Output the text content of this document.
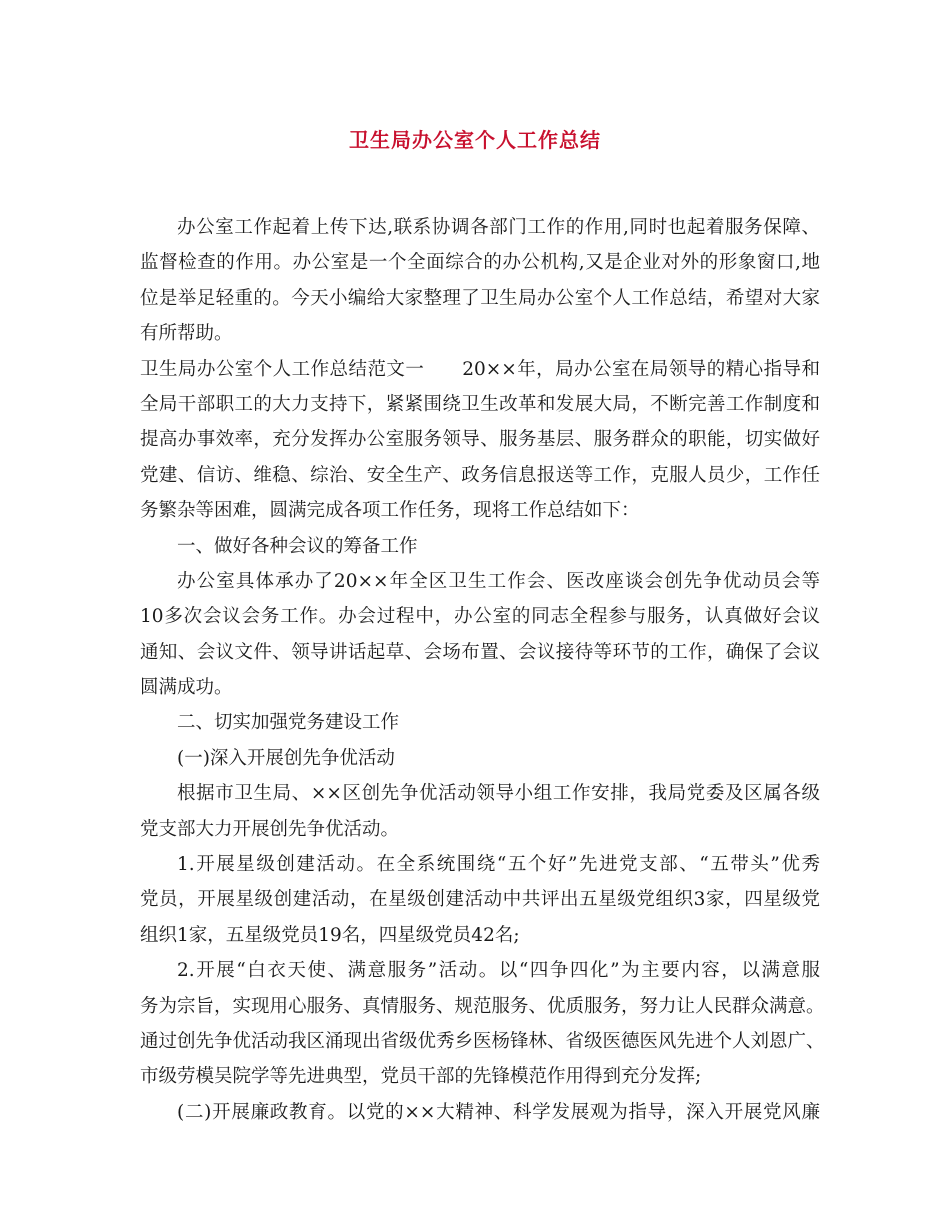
卫生局办公室个人工作总结
办公室工作起着上传下达,联系协调各部门工作的作用,同时也起着服务保障、
监督检查的作用。办公室是一个全面综合的办公机构,又是企业对外的形象窗口,地
位是举足轻重的。今天小编给大家整理了卫生局办公室个人工作总结，希望对大家
有所帮助。
卫生局办公室个人工作总结范文一　　20××年，局办公室在局领导的精心指导和
全局干部职工的大力支持下，紧紧围绕卫生改革和发展大局，不断完善工作制度和
提高办事效率，充分发挥办公室服务领导、服务基层、服务群众的职能，切实做好
党建、信访、维稳、综治、安全生产、政务信息报送等工作，克服人员少，工作任
务繁杂等困难，圆满完成各项工作任务，现将工作总结如下：
一、做好各种会议的筹备工作
办公室具体承办了20××年全区卫生工作会、医改座谈会创先争优动员会等
10多次会议会务工作。办会过程中，办公室的同志全程参与服务，认真做好会议
通知、会议文件、领导讲话起草、会场布置、会议接待等环节的工作，确保了会议
圆满成功。
二、切实加强党务建设工作
(一)深入开展创先争优活动
根据市卫生局、××区创先争优活动领导小组工作安排，我局党委及区属各级
党支部大力开展创先争优活动。
1.开展星级创建活动。在全系统围绕“五个好”先进党支部、“五带头”优秀
党员，开展星级创建活动，在星级创建活动中共评出五星级党组织3家，四星级党
组织1家，五星级党员19名，四星级党员42名;
2.开展“白衣天使、满意服务”活动。以“四争四化”为主要内容，以满意服
务为宗旨，实现用心服务、真情服务、规范服务、优质服务，努力让人民群众满意。
通过创先争优活动我区涌现出省级优秀乡医杨锋林、省级医德医风先进个人刘恩广、
市级劳模吴院学等先进典型，党员干部的先锋模范作用得到充分发挥;
(二)开展廉政教育。以党的××大精神、科学发展观为指导，深入开展党风廉
